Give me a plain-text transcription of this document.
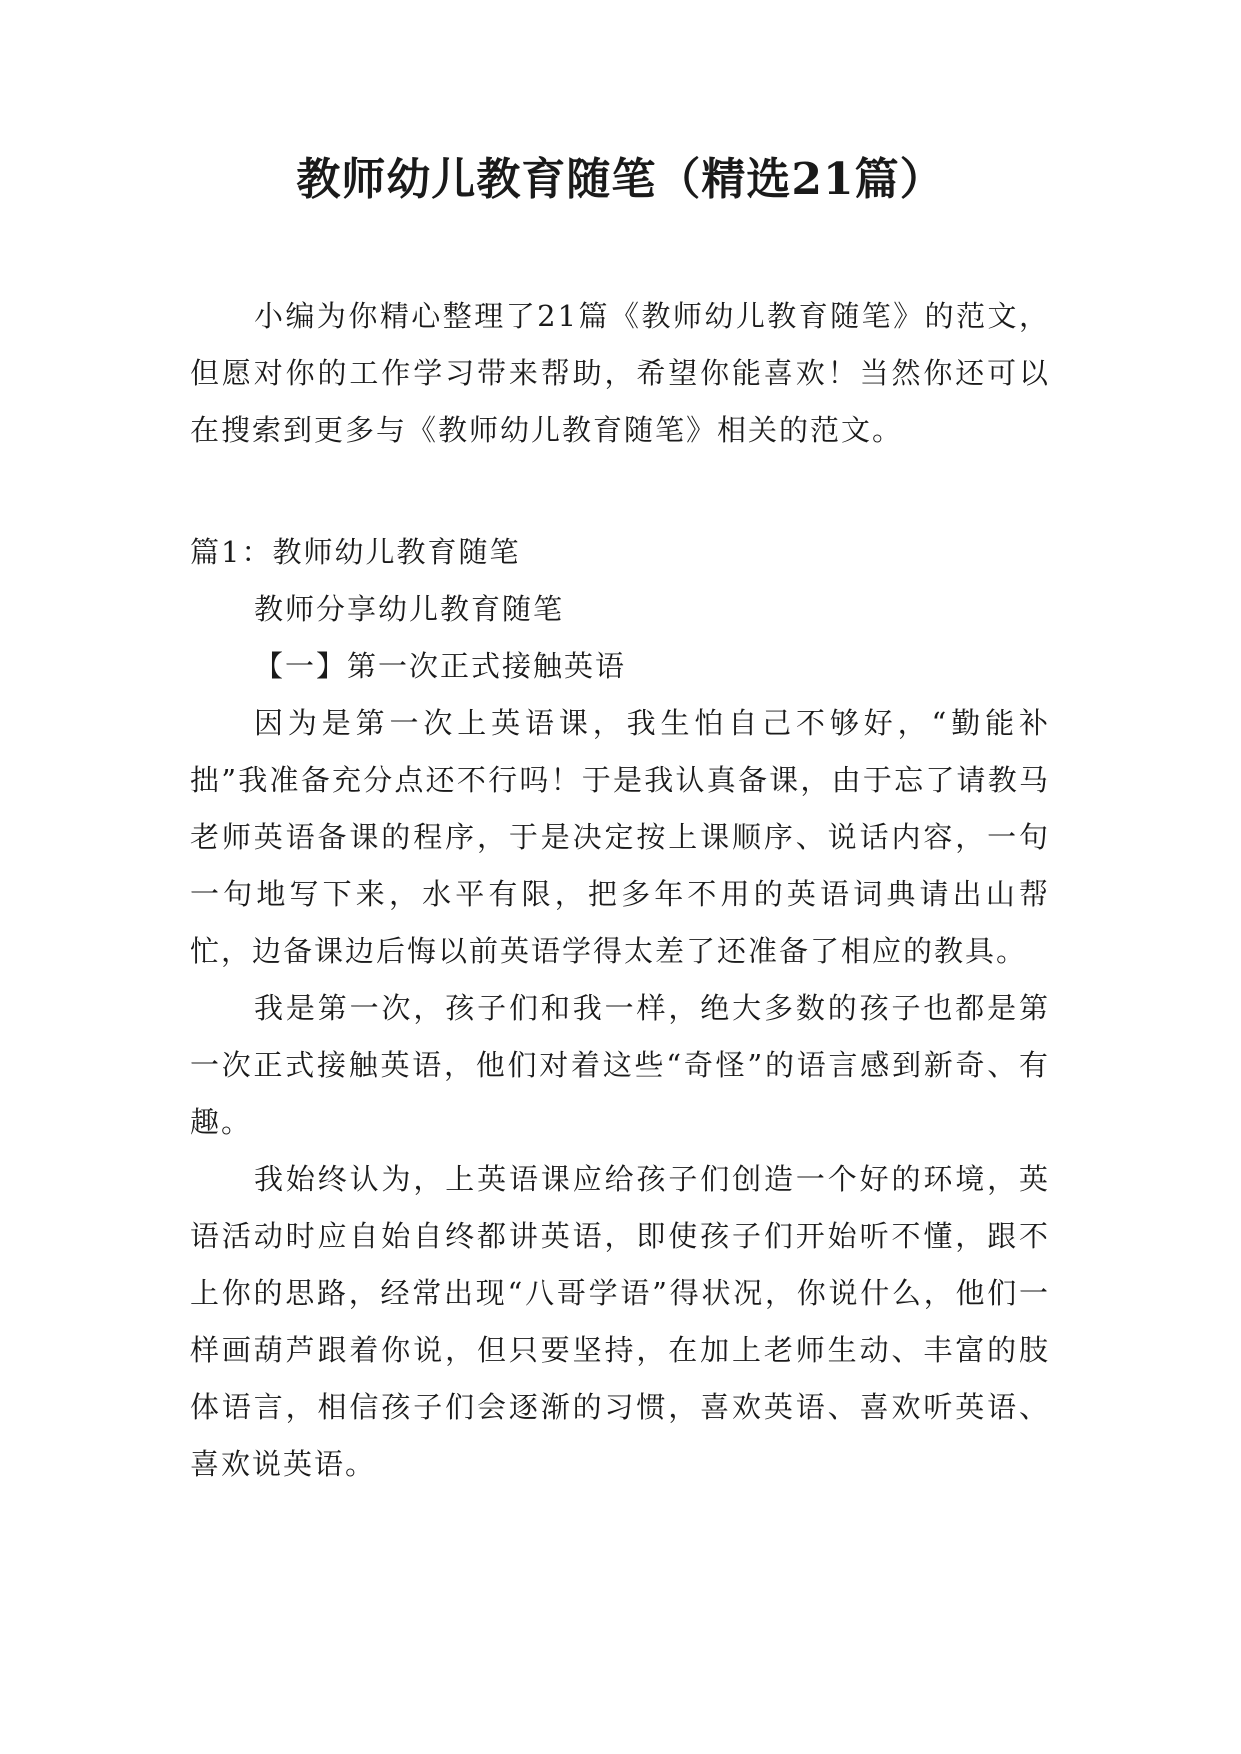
教师幼儿教育随笔（精选21篇）

小编为你精心整理了21篇《教师幼儿教育随笔》的范文，但愿对你的工作学习带来帮助，希望你能喜欢！当然你还可以在搜索到更多与《教师幼儿教育随笔》相关的范文。

篇1：教师幼儿教育随笔

教师分享幼儿教育随笔

【一】第一次正式接触英语

因为是第一次上英语课，我生怕自己不够好，“勤能补拙”我准备充分点还不行吗！于是我认真备课，由于忘了请教马老师英语备课的程序，于是决定按上课顺序、说话内容，一句一句地写下来，水平有限，把多年不用的英语词典请出山帮忙，边备课边后悔以前英语学得太差了还准备了相应的教具。

我是第一次，孩子们和我一样，绝大多数的孩子也都是第一次正式接触英语，他们对着这些“奇怪”的语言感到新奇、有趣。

我始终认为，上英语课应给孩子们创造一个好的环境，英语活动时应自始自终都讲英语，即使孩子们开始听不懂，跟不上你的思路，经常出现“八哥学语”得状况，你说什么，他们一样画葫芦跟着你说，但只要坚持，在加上老师生动、丰富的肢体语言，相信孩子们会逐渐的习惯，喜欢英语、喜欢听英语、喜欢说英语。
